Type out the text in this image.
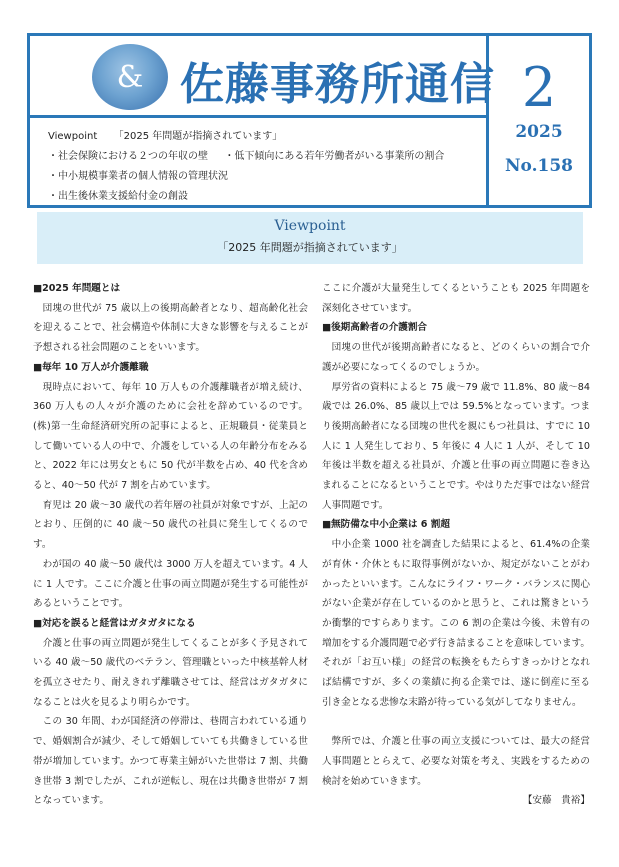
& 佐藤事務所通信
Viewpoint 「2025 年問題が指摘されています」
・社会保険における２つの年収の壁 ・低下傾向にある若年労働者がいる事業所の割合
・中小規模事業者の個人情報の管理状況
・出生後休業支援給付金の創設
2
2025
No.158
Viewpoint
「2025 年問題が指摘されています」

■2025 年問題とは

団塊の世代が 75 歳以上の後期高齢者となり、超高齢化社会を迎えることで、社会構造や体制に大きな影響を与えることが予想される社会問題のことをいいます。

■毎年 10 万人が介護離職

現時点において、毎年 10 万人もの介護離職者が増え続け、360 万人もの人々が介護のために会社を辞めているのです。(株)第一生命経済研究所の記事によると、正規職員・従業員として働いている人の中で、介護をしている人の年齢分布をみると、2022 年には男女ともに 50 代が半数を占め、40 代を含めると、40～50 代が 7 割を占めています。

育児は 20 歳～30 歳代の若年層の社員が対象ですが、上記のとおり、圧倒的に 40 歳～50 歳代の社員に発生してくるのです。

わが国の 40 歳～50 歳代は 3000 万人を超えています。4 人に 1 人です。ここに介護と仕事の両立問題が発生する可能性があるということです。

■対応を誤ると経営はガタガタになる

介護と仕事の両立問題が発生してくることが多く予見されている 40 歳～50 歳代のベテラン、管理職といった中核基幹人材を孤立させたり、耐えきれず離職させては、経営はガタガタになることは火を見るより明らかです。

この 30 年間、わが国経済の停滞は、巷間言われている通りで、婚姻割合が減少、そして婚姻していても共働きしている世帯が増加しています。かつて専業主婦がいた世帯は 7 割、共働き世帯 3 割でしたが、これが逆転し、現在は共働き世帯が 7 割となっています。

ここに介護が大量発生してくるということも 2025 年問題を深刻化させています。

■後期高齢者の介護割合

団塊の世代が後期高齢者になると、どのくらいの割合で介護が必要になってくるのでしょうか。

厚労省の資料によると 75 歳～79 歳で 11.8%、80 歳～84 歳では 26.0%、85 歳以上では 59.5%となっています。つまり後期高齢者になる団塊の世代を親にもつ社員は、すでに 10 人に 1 人発生しており、5 年後に 4 人に 1 人が、そして 10 年後は半数を超える社員が、介護と仕事の両立問題に巻き込まれることになるということです。やはりただ事ではない経営人事問題です。

■無防備な中小企業は 6 割超

中小企業 1000 社を調査した結果によると、61.4%の企業が育休・介休ともに取得事例がないか、規定がないことがわかったといいます。こんなにライフ・ワーク・バランスに関心がない企業が存在しているのかと思うと、これは驚きというか衝撃的ですらあります。この 6 割の企業は今後、未曾有の増加をする介護問題で必ず行き詰まることを意味しています。それが「お互い様」の経営の転換をもたらすきっかけとなれば結構ですが、多くの業績に拘る企業では、遂に倒産に至る引き金となる悲惨な末路が待っている気がしてなりません。

弊所では、介護と仕事の両立支援については、最大の経営人事問題ととらえて、必要な対策を考え、実践をするための検討を始めていきます。

【安藤　貴裕】
